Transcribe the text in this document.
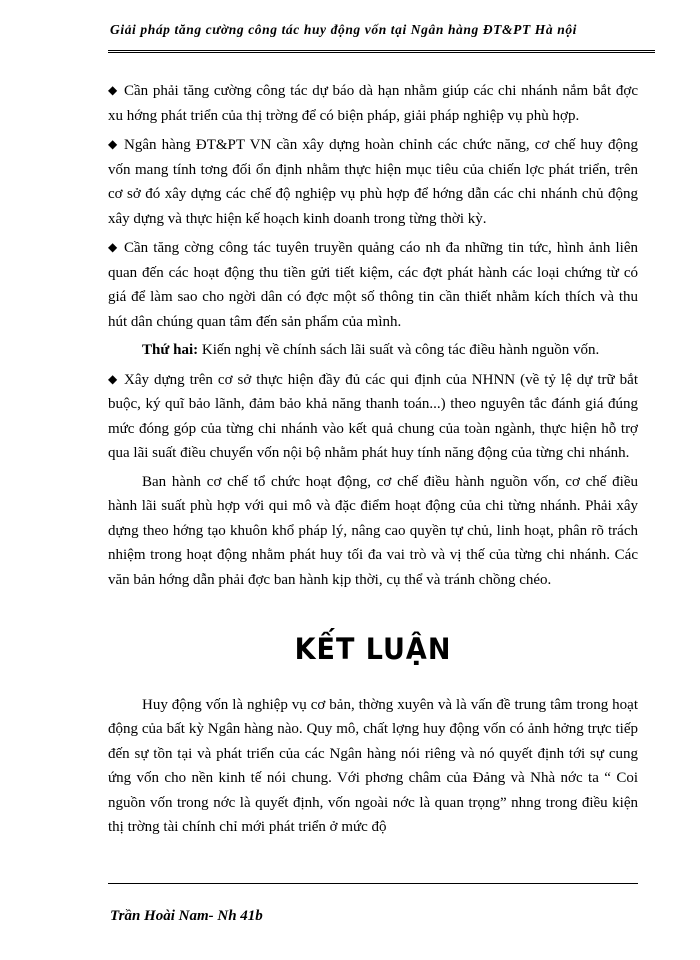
Giải pháp tăng cường công tác huy động vốn tại Ngân hàng ĐT&PT Hà nội

◆ Cần phải tăng cường công tác dự báo dà hạn nhằm giúp các chi nhánh nắm bắt đợc xu hớng phát triển của thị trờng để có biện pháp, giải pháp nghiệp vụ phù hợp.

◆ Ngân hàng ĐT&PT VN cần xây dựng hoàn chỉnh các chức năng, cơ chế huy động vốn mang tính tơng đối ổn định nhằm thực hiện mục tiêu của chiến lợc phát triển, trên cơ sở đó xây dựng các chế độ nghiệp vụ phù hợp để hớng dẫn các chi nhánh chủ động xây dựng và thực hiện kế hoạch kinh doanh trong từng thời kỳ.

◆ Cần tăng cờng công tác tuyên truyền quảng cáo nh đa những tin tức, hình ảnh liên quan đến các hoạt động thu tiền gửi tiết kiệm, các đợt phát hành các loại chứng từ có giá để làm sao cho ngời dân có đợc một số thông tin cần thiết nhằm kích thích và thu hút dân chúng quan tâm đến sản phẩm của mình.

Thứ hai: Kiến nghị về chính sách lãi suất và công tác điều hành nguồn vốn.

◆ Xây dựng trên cơ sở thực hiện đầy đủ các qui định của NHNN (về tỷ lệ dự trữ bắt buộc, ký quĩ bảo lãnh, đảm bảo khả năng thanh toán...) theo nguyên tắc đánh giá đúng mức đóng góp của từng chi nhánh vào kết quả chung của toàn ngành, thực hiện hỗ trợ qua lãi suất điều chuyển vốn nội bộ nhằm phát huy tính năng động của từng chi nhánh.

Ban hành cơ chế tổ chức hoạt động, cơ chế điều hành nguồn vốn, cơ chế điều hành lãi suất phù hợp với qui mô và đặc điểm hoạt động của chi từng nhánh. Phải xây dựng theo hớng tạo khuôn khổ pháp lý, nâng cao quyền tự chủ, linh hoạt, phân rõ trách nhiệm trong hoạt động nhằm phát huy tối đa vai trò và vị thế của từng chi nhánh. Các văn bản hớng dẫn phải đợc ban hành kịp thời, cụ thể và tránh chồng chéo.

KẾT LUẬN

Huy động vốn là nghiệp vụ cơ bản, thờng xuyên và là vấn đề trung tâm trong hoạt động của bất kỳ Ngân hàng nào. Quy mô, chất lợng huy động vốn có ảnh hởng trực tiếp đến sự tồn tại và phát triển của các Ngân hàng nói riêng và nó quyết định tới sự cung ứng vốn cho nền kinh tế nói chung. Với phơng châm của Đảng và Nhà nớc ta “ Coi nguồn vốn trong nớc là quyết định, vốn ngoài nớc là quan trọng” nhng trong điều kiện thị trờng tài chính chỉ mới phát triển ở mức độ

Trần Hoài Nam- Nh 41b
